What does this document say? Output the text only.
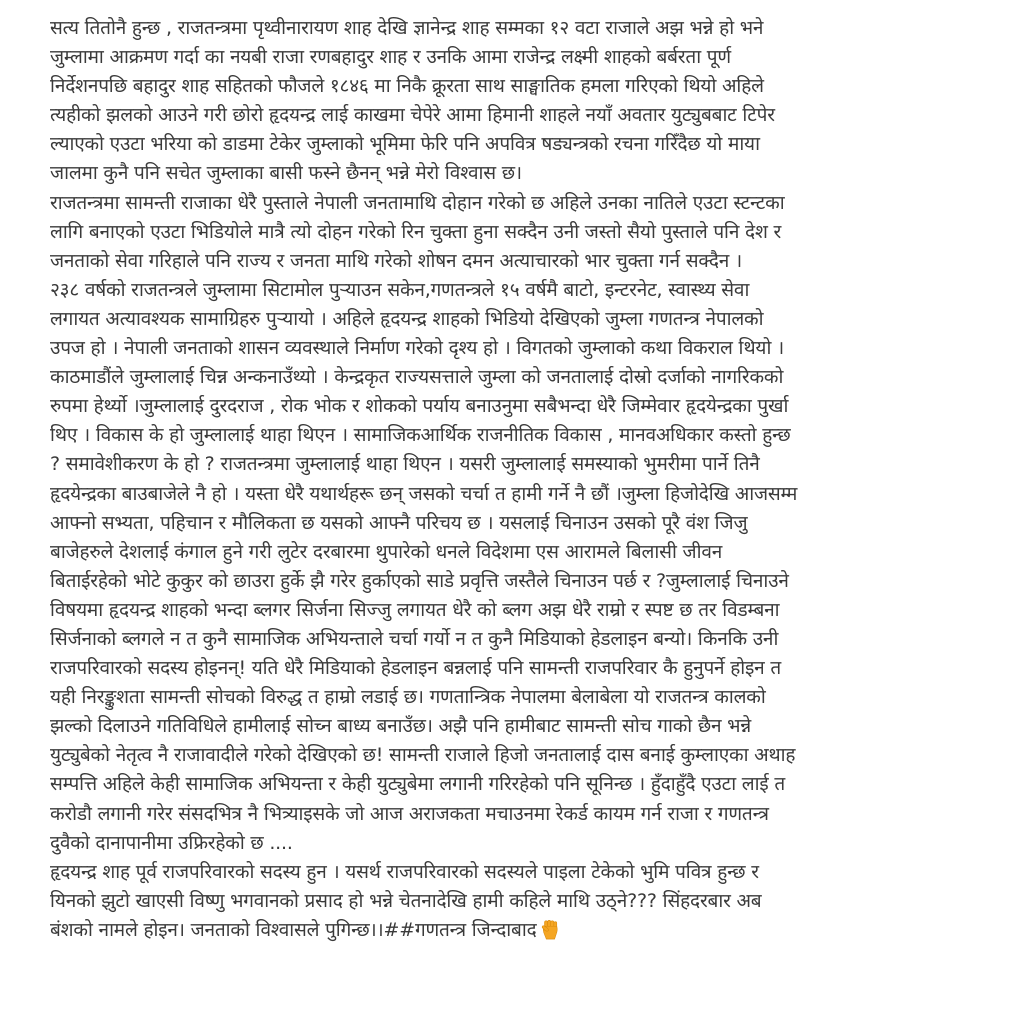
सत्य तितोनै हुन्छ , राजतन्त्रमा पृथ्वीनारायण शाह देखि ज्ञानेन्द्र शाह सम्मका १२ वटा राजाले अझ भन्ने हो भने
जुम्लामा आक्रमण गर्दा का नयबी राजा रणबहादुर शाह र उनकि आमा राजेन्द्र लक्ष्मी शाहको बर्बरता पूर्ण
निर्देशनपछि बहादुर शाह सहितको फौजले १८४६ मा निकै क्रूरता साथ साङ्घातिक हमला गरिएको थियो अहिले
त्यहीको झलको आउने गरी छोरो हृदयन्द्र लाई काखमा चेपेरे आमा हिमानी शाहले नयाँ अवतार युट्युबबाट टिपेर
ल्याएको एउटा भरिया को डाडमा टेकेर जुम्लाको भूमिमा फेरि पनि अपवित्र षड्यन्त्रको रचना गरिँदैछ यो माया
जालमा कुनै पनि सचेत जुम्लाका बासी फस्ने छैनन् भन्ने मेरो विश्वास छ।
राजतन्त्रमा सामन्ती राजाका धेरै पुस्ताले नेपाली जनतामाथि दोहान गरेको छ अहिले उनका नातिले एउटा स्टन्टका
लागि बनाएको एउटा भिडियोले मात्रै त्यो दोहन गरेको रिन चुक्ता हुना सक्दैन उनी जस्तो सैयो पुस्ताले पनि देश र
जनताको सेवा गरिहाले पनि राज्य र जनता माथि गरेको शोषन दमन अत्याचारको भार चुक्ता गर्न सक्दैन ।
२३८ वर्षको राजतन्त्रले जुम्लामा सिटामोल पुर्‍याउन सकेन,गणतन्त्रले १५ वर्षमै बाटो, इन्टरनेट, स्वास्थ्य सेवा
लगायत अत्यावश्यक सामाग्रिहरु पुर्‍यायो । अहिले हृदयन्द्र शाहको भिडियो देखिएको जुम्ला गणतन्त्र नेपालको
उपज हो । नेपाली जनताको शासन व्यवस्थाले निर्माण गरेको दृश्य हो । विगतको जुम्लाको कथा विकराल थियो ।
काठमाडौंले जुम्लालाई चिन्न अन्कनाउँथ्यो । केन्द्रकृत राज्यसत्ताले जुम्ला को जनतालाई दोस्रो दर्जाको नागरिकको
रुपमा हेर्थ्यो ।जुम्लालाई दुरदराज , रोक भोक र शोकको पर्याय बनाउनुमा सबैभन्दा धेरै जिम्मेवार हृदयेन्द्रका पुर्खा
थिए । विकास के हो जुम्लालाई थाहा थिएन । सामाजिकआर्थिक राजनीतिक विकास , मानवअधिकार कस्तो हुन्छ
? समावेशीकरण के हो ? राजतन्त्रमा जुम्लालाई थाहा थिएन । यसरी जुम्लालाई समस्याको भुमरीमा पार्ने तिनै
हृदयेन्द्रका बाउबाजेले नै हो । यस्ता धेरै यथार्थहरू छन् जसको चर्चा त हामी गर्ने नै छौं ।जुम्ला हिजोदेखि आजसम्म
आफ्नो सभ्यता, पहिचान र मौलिकता छ यसको आफ्नै परिचय छ । यसलाई चिनाउन उसको पूरै वंश जिजु
बाजेहरुले देशलाई कंगाल हुने गरी लुटेर दरबारमा थुपारेको धनले विदेशमा एस आरामले बिलासी जीवन
बिताईरहेको भोटे कुकुर को छाउरा हुर्के झै गरेर हुर्काएको साडे प्रवृत्ति जस्तैले चिनाउन पर्छ र ?जुम्लालाई चिनाउने
विषयमा हृदयन्द्र शाहको भन्दा ब्लगर सिर्जना सिज्जु लगायत धेरै को ब्लग अझ धेरै राम्रो र स्पष्ट छ तर विडम्बना
सिर्जनाको ब्लगले न त कुनै सामाजिक अभियन्ताले चर्चा गर्यो न त कुनै मिडियाको हेडलाइन बन्यो। किनकि उनी
राजपरिवारको सदस्य होइनन्! यति धेरै मिडियाको हेडलाइन बन्नलाई पनि सामन्ती राजपरिवार कै हुनुपर्ने होइन त
यही निरङ्कुशता सामन्ती सोचको विरुद्ध त हाम्रो लडाई छ। गणतान्त्रिक नेपालमा बेलाबेला यो राजतन्त्र कालको
झल्को दिलाउने गतिविधिले हामीलाई सोच्न बाध्य बनाउँछ। अझै पनि हामीबाट सामन्ती सोच गाको छैन भन्ने
युट्युबेको नेतृत्व नै राजावादीले गरेको देखिएको छ! सामन्ती राजाले हिजो जनतालाई दास बनाई कुम्लाएका अथाह
सम्पत्ति अहिले केही सामाजिक अभियन्ता र केही युट्युबेमा लगानी गरिरहेको पनि सूनिन्छ । हुँदाहुँदै एउटा लाई त
करोडौ लगानी गरेर संसदभित्र नै भित्र्याइसके जो आज अराजकता मचाउनमा रेकर्ड कायम गर्न राजा र गणतन्त्र
दुवैको दानापानीमा उफ्रिरहेको छ ....
हृदयन्द्र शाह पूर्व राजपरिवारको सदस्य हुन । यसर्थ राजपरिवारको सदस्यले पाइला टेकेको भुमि पवित्र हुन्छ र
यिनको झुटो खाएसी विष्णु भगवानको प्रसाद हो भन्ने चेतनादेखि हामी कहिले माथि उठ्ने??? सिंहदरबार अब
बंशको नामले होइन। जनताको विश्वासले पुगिन्छ।।##गणतन्त्र जिन्दाबाद
